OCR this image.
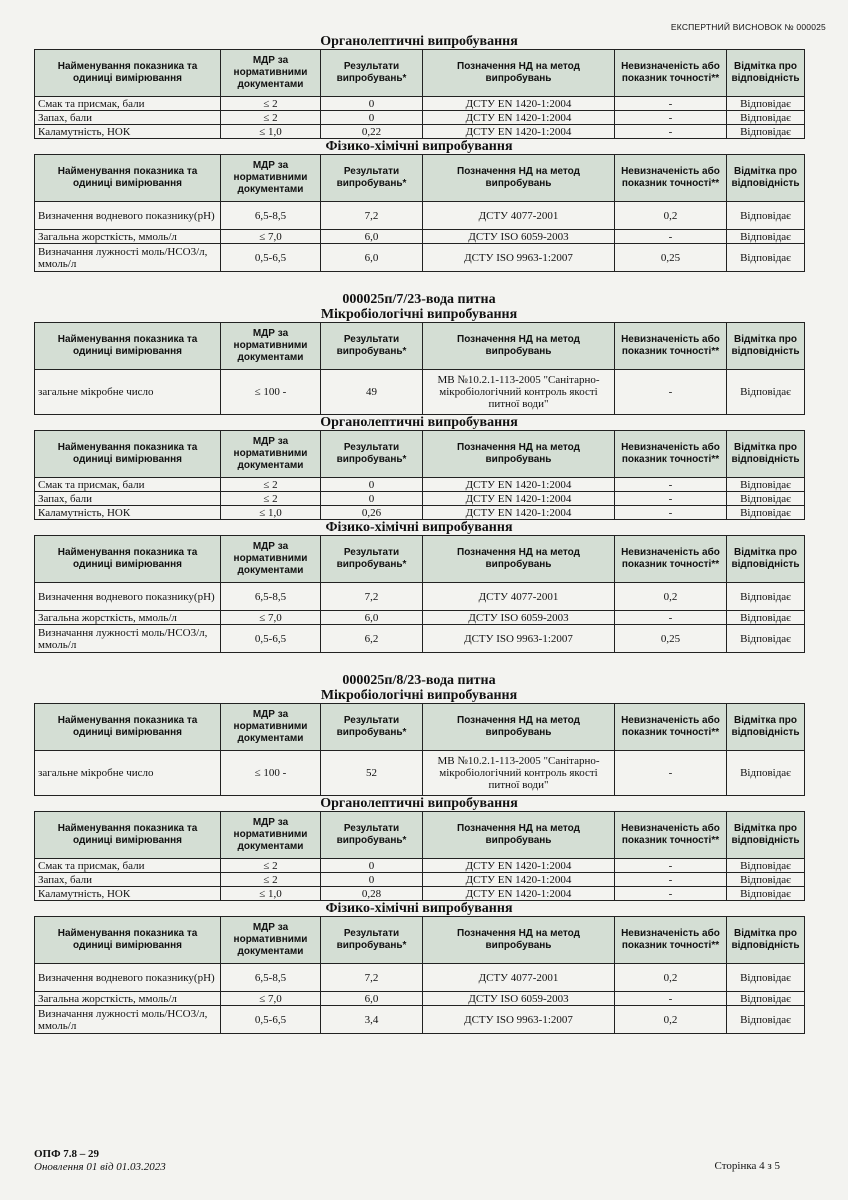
ЕКСПЕРТНИЙ ВИСНОВОК № 000025
Органолептичні випробування
Найменування показника та одиниці вимірювання	МДР за нормативними документами	Результати випробувань*	Позначення НД на метод випробувань	Невизначеність або показник точності**	Відмітка про відповідність
Смак та присмак, бали	≤ 2	0	ДСТУ EN 1420-1:2004	-	Відповідає
Запах, бали	≤ 2	0	ДСТУ EN 1420-1:2004	-	Відповідає
Каламутність, НОК	≤ 1,0	0,22	ДСТУ EN 1420-1:2004	-	Відповідає
Фізико-хімічні випробування
Найменування показника та одиниці вимірювання	МДР за нормативними документами	Результати випробувань*	Позначення НД на метод випробувань	Невизначеність або показник точності**	Відмітка про відповідність
Визначення водневого показнику(pH)	6,5-8,5	7,2	ДСТУ 4077-2001	0,2	Відповідає
Загальна жорсткість, ммоль/л	≤ 7,0	6,0	ДСТУ ISO 6059-2003	-	Відповідає
Визначання лужності моль/HCO3/л, ммоль/л	0,5-6,5	6,0	ДСТУ ISO 9963-1:2007	0,25	Відповідає
000025п/7/23-вода питна
Мікробіологічні випробування
Найменування показника та одиниці вимірювання	МДР за нормативними документами	Результати випробувань*	Позначення НД на метод випробувань	Невизначеність або показник точності**	Відмітка про відповідність
загальне мікробне число	≤ 100 -	49	МВ №10.2.1-113-2005 "Санітарно-мікробіологічний контроль якості питної води"	-	Відповідає
Органолептичні випробування
Найменування показника та одиниці вимірювання	МДР за нормативними документами	Результати випробувань*	Позначення НД на метод випробувань	Невизначеність або показник точності**	Відмітка про відповідність
Смак та присмак, бали	≤ 2	0	ДСТУ EN 1420-1:2004	-	Відповідає
Запах, бали	≤ 2	0	ДСТУ EN 1420-1:2004	-	Відповідає
Каламутність, НОК	≤ 1,0	0,26	ДСТУ EN 1420-1:2004	-	Відповідає
Фізико-хімічні випробування
Найменування показника та одиниці вимірювання	МДР за нормативними документами	Результати випробувань*	Позначення НД на метод випробувань	Невизначеність або показник точності**	Відмітка про відповідність
Визначення водневого показнику(pH)	6,5-8,5	7,2	ДСТУ 4077-2001	0,2	Відповідає
Загальна жорсткість, ммоль/л	≤ 7,0	6,0	ДСТУ ISO 6059-2003	-	Відповідає
Визначання лужності моль/HCO3/л, ммоль/л	0,5-6,5	6,2	ДСТУ ISO 9963-1:2007	0,25	Відповідає
000025п/8/23-вода питна
Мікробіологічні випробування
Найменування показника та одиниці вимірювання	МДР за нормативними документами	Результати випробувань*	Позначення НД на метод випробувань	Невизначеність або показник точності**	Відмітка про відповідність
загальне мікробне число	≤ 100 -	52	МВ №10.2.1-113-2005 "Санітарно-мікробіологічний контроль якості питної води"	-	Відповідає
Органолептичні випробування
Найменування показника та одиниці вимірювання	МДР за нормативними документами	Результати випробувань*	Позначення НД на метод випробувань	Невизначеність або показник точності**	Відмітка про відповідність
Смак та присмак, бали	≤ 2	0	ДСТУ EN 1420-1:2004	-	Відповідає
Запах, бали	≤ 2	0	ДСТУ EN 1420-1:2004	-	Відповідає
Каламутність, НОК	≤ 1,0	0,28	ДСТУ EN 1420-1:2004	-	Відповідає
Фізико-хімічні випробування
Найменування показника та одиниці вимірювання	МДР за нормативними документами	Результати випробувань*	Позначення НД на метод випробувань	Невизначеність або показник точності**	Відмітка про відповідність
Визначення водневого показнику(pH)	6,5-8,5	7,2	ДСТУ 4077-2001	0,2	Відповідає
Загальна жорсткість, ммоль/л	≤ 7,0	6,0	ДСТУ ISO 6059-2003	-	Відповідає
Визначання лужності моль/HCO3/л, ммоль/л	0,5-6,5	3,4	ДСТУ ISO 9963-1:2007	0,2	Відповідає
ОПФ 7.8 – 29
Оновлення 01 від 01.03.2023	Сторінка 4 з 5
